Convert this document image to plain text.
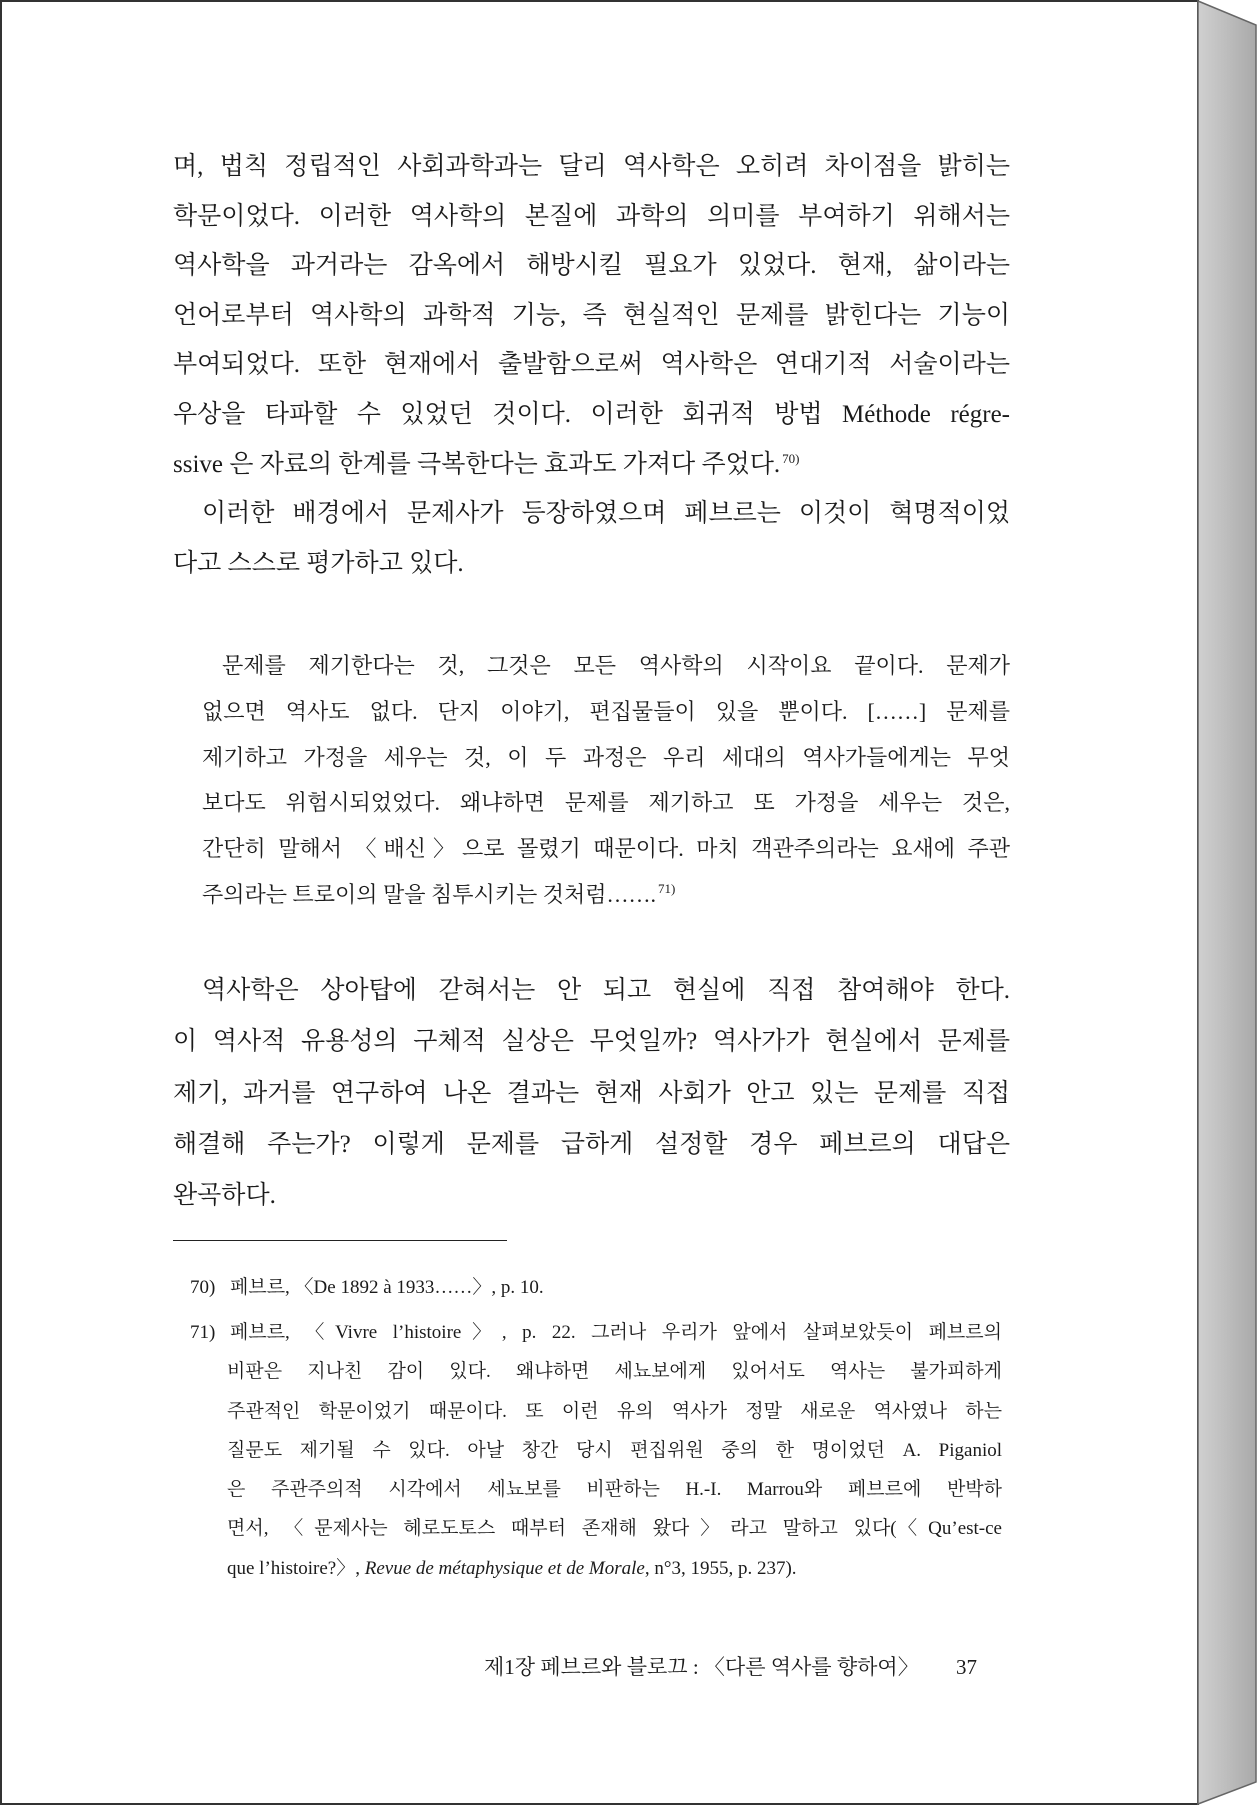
며, 법칙 정립적인 사회과학과는 달리 역사학은 오히려 차이점을 밝히는
학문이었다. 이러한 역사학의 본질에 과학의 의미를 부여하기 위해서는
역사학을 과거라는 감옥에서 해방시킬 필요가 있었다. 현재, 삶이라는
언어로부터 역사학의 과학적 기능, 즉 현실적인 문제를 밝힌다는 기능이
부여되었다. 또한 현재에서 출발함으로써 역사학은 연대기적 서술이라는
우상을 타파할 수 있었던 것이다. 이러한 회귀적 방법 Méthode régre-
ssive 은 자료의 한계를 극복한다는 효과도 가져다 주었다. $^{70)}$
이러한 배경에서 문제사가 등장하였으며 페브르는 이것이 혁명적이었
다고 스스로 평가하고 있다.
문제를 제기한다는 것, 그것은 모든 역사학의 시작이요 끝이다. 문제가
없으면 역사도 없다. 단지 이야기, 편집물들이 있을 뿐이다. [……] 문제를
제기하고 가정을 세우는 것, 이 두 과정은 우리 세대의 역사가들에게는 무엇
보다도 위험시되었었다. 왜냐하면 문제를 제기하고 또 가정을 세우는 것은,
간단히 말해서 〈배신〉으로 몰렸기 때문이다. 마치 객관주의라는 요새에 주관
주의라는 트로이의 말을 침투시키는 것처럼……. $^{71)}$
역사학은 상아탑에 갇혀서는 안 되고 현실에 직접 참여해야 한다.
이 역사적 유용성의 구체적 실상은 무엇일까? 역사가가 현실에서 문제를
제기, 과거를 연구하여 나온 결과는 현재 사회가 안고 있는 문제를 직접
해결해 주는가? 이렇게 문제를 급하게 설정할 경우 페브르의 대답은
완곡하다.
70) 페브르, 〈De 1892 à 1933……〉, p. 10.
71) 페브르, 〈Vivre l’histoire〉, p. 22. 그러나 우리가 앞에서 살펴보았듯이 페브르의
비판은 지나친 감이 있다. 왜냐하면 세뇨보에게 있어서도 역사는 불가피하게
주관적인 학문이었기 때문이다. 또 이런 유의 역사가 정말 새로운 역사였나 하는
질문도 제기될 수 있다. 아날 창간 당시 편집위원 중의 한 명이었던 A. Piganiol
은 주관주의적 시각에서 세뇨보를 비판하는 H.-I. Marrou와 페브르에 반박하
면서, 〈문제사는 헤로도토스 때부터 존재해 왔다〉라고 말하고 있다(〈Qu’est-ce
que l’histoire?〉, Revue de métaphysique et de Morale, n°3, 1955, p. 237).
제1장 페브르와 블로끄 : 〈다른 역사를 향하여〉 37
